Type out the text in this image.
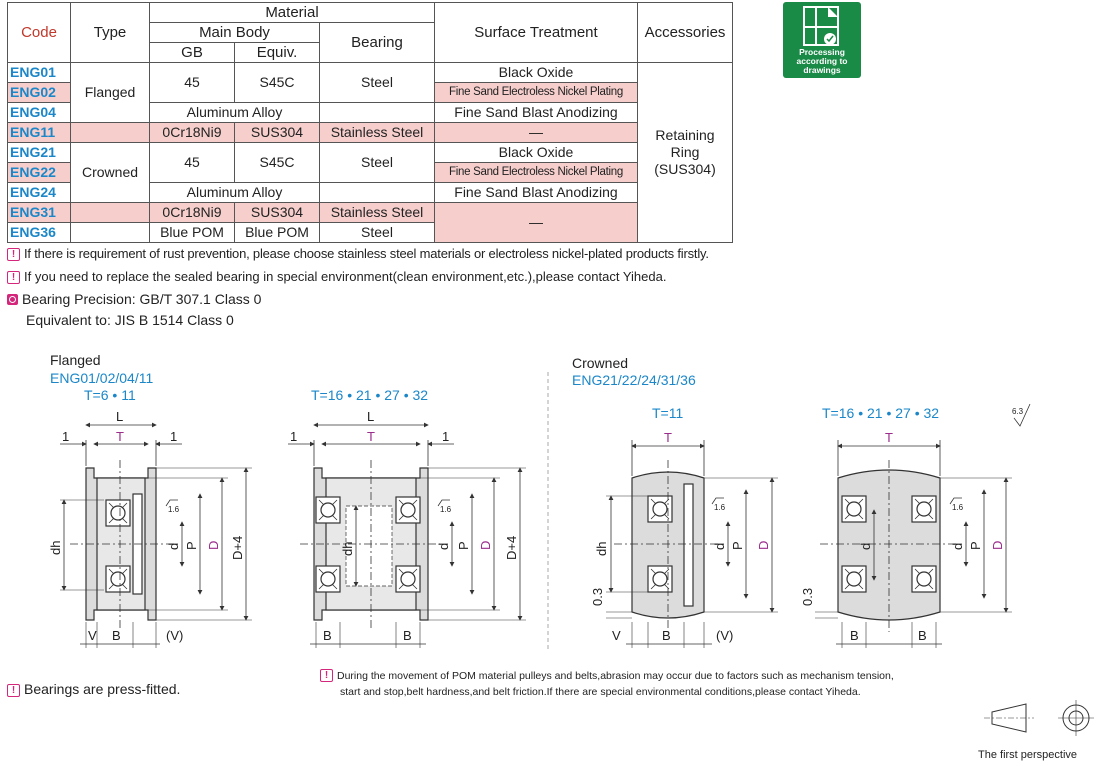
Code	Type	Material			Surface Treatment	Accessories
		Main Body		Bearing		
		GB	Equiv.			
ENG01	Flanged	45	S45C	Steel	Black Oxide	Retaining
Ring
(SUS304)
ENG02					Fine Sand Electroless Nickel Plating	
ENG04		Aluminum Alloy			Fine Sand Blast Anodizing	
ENG11		0Cr18Ni9	SUS304	Stainless Steel	—	
ENG21	Crowned	45	S45C	Steel	Black Oxide	
ENG22					Fine Sand Electroless Nickel Plating	
ENG24		Aluminum Alloy			Fine Sand Blast Anodizing	
ENG31		0Cr18Ni9	SUS304	Stainless Steel	—	
ENG36		Blue POM	Blue POM	Steel		
Processing
according to
drawings
! If there is requirement of rust prevention, please choose stainless steel materials or electroless nickel-plated products firstly.
! If you need to replace the sealed bearing in special environment(clean environment,etc.),please contact Yiheda.
Bearing Precision: GB/T 307.1 Class 0
Equivalent to: JIS B 1514 Class 0
Flanged
ENG01/02/04/11
T=6 • 11	T=16 • 21 • 27 • 32
Crowned
ENG21/22/24/31/36
T=11	T=16 • 21 • 27 • 32
L
T
1	1
dh	d P D D+4
V B	(V)
1.6
L
T
1	1
dh	d P D D+4
B	B
1.6
T
dh
0.3
d P D
V	B	(V)
1.6
T
0.3
d	d P D
B	B
1.6
6.3
! Bearings are press-fitted.
! During the movement of POM material pulleys and belts,abrasion may occur due to factors such as mechanism tension,
start and stop,belt hardness,and belt friction.If there are special environmental conditions,please contact Yiheda.
The first perspective
